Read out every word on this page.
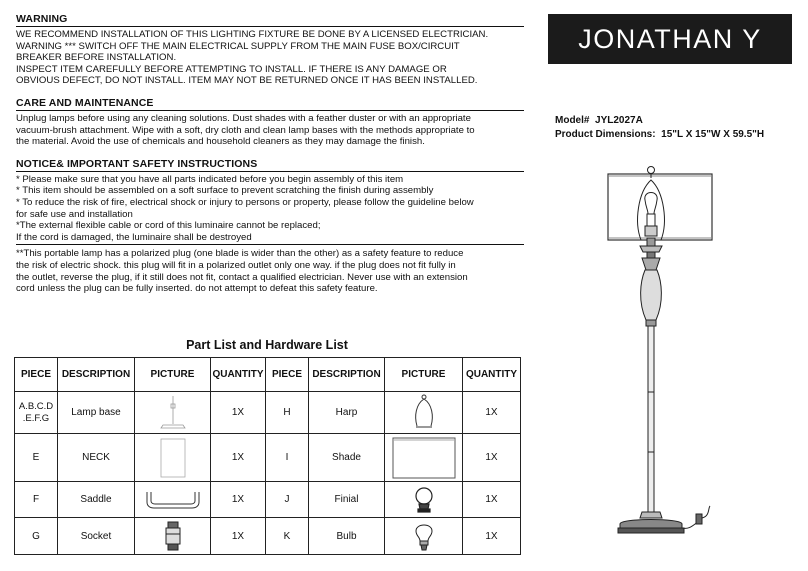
WARNING
WE RECOMMEND INSTALLATION OF THIS LIGHTING FIXTURE BE DONE BY A LICENSED ELECTRICIAN.
WARNING *** SWITCH OFF THE MAIN ELECTRICAL SUPPLY FROM THE MAIN FUSE BOX/CIRCUIT
BREAKER BEFORE INSTALLATION.
INSPECT ITEM CAREFULLY BEFORE ATTEMPTING TO INSTALL. IF THERE IS ANY DAMAGE OR
OBVIOUS DEFECT, DO NOT INSTALL. ITEM MAY NOT BE RETURNED ONCE IT HAS BEEN INSTALLED.
CARE AND MAINTENANCE
Unplug lamps before using any cleaning solutions. Dust shades with a feather duster or with an appropriate
vacuum-brush attachment. Wipe with a soft, dry cloth and clean lamp bases with the methods appropriate to
the material. Avoid the use of chemicals and household cleaners as they may damage the finish.
NOTICE& IMPORTANT SAFETY INSTRUCTIONS
* Please make sure that you have all parts indicated before you begin assembly of this item
* This item should be assembled on a soft surface to prevent scratching the finish during assembly
* To reduce the risk of fire, electrical shock or injury to persons or property, please follow the guideline below
for safe use and installation
*The external flexible cable or cord of this luminaire cannot be replaced;
If the cord is damaged, the luminaire shall be destroyed
**This portable lamp has a polarized plug (one blade is wider than the other) as a safety feature to reduce
the risk of electric shock. this plug will fit in a polarized outlet only one way. if the plug does not fit fully in
the outlet, reverse the plug, if it still does not fit, contact a qualified electrician. Never use with an extension
cord unless the plug can be fully inserted. do not attempt to defeat this safety feature.
JONATHAN Y
Model# JYL2027A
Product Dimensions: 15"L X 15"W X 59.5"H
Part List and Hardware List
PIECE	DESCRIPTION	PICTURE	QUANTITY	PIECE	DESCRIPTION	PICTURE	QUANTITY
A.B.C.D .E.F.G	Lamp base		1X	H	Harp		1X
E	NECK		1X	I	Shade		1X
F	Saddle		1X	J	Finial		1X
G	Socket		1X	K	Bulb		1X
